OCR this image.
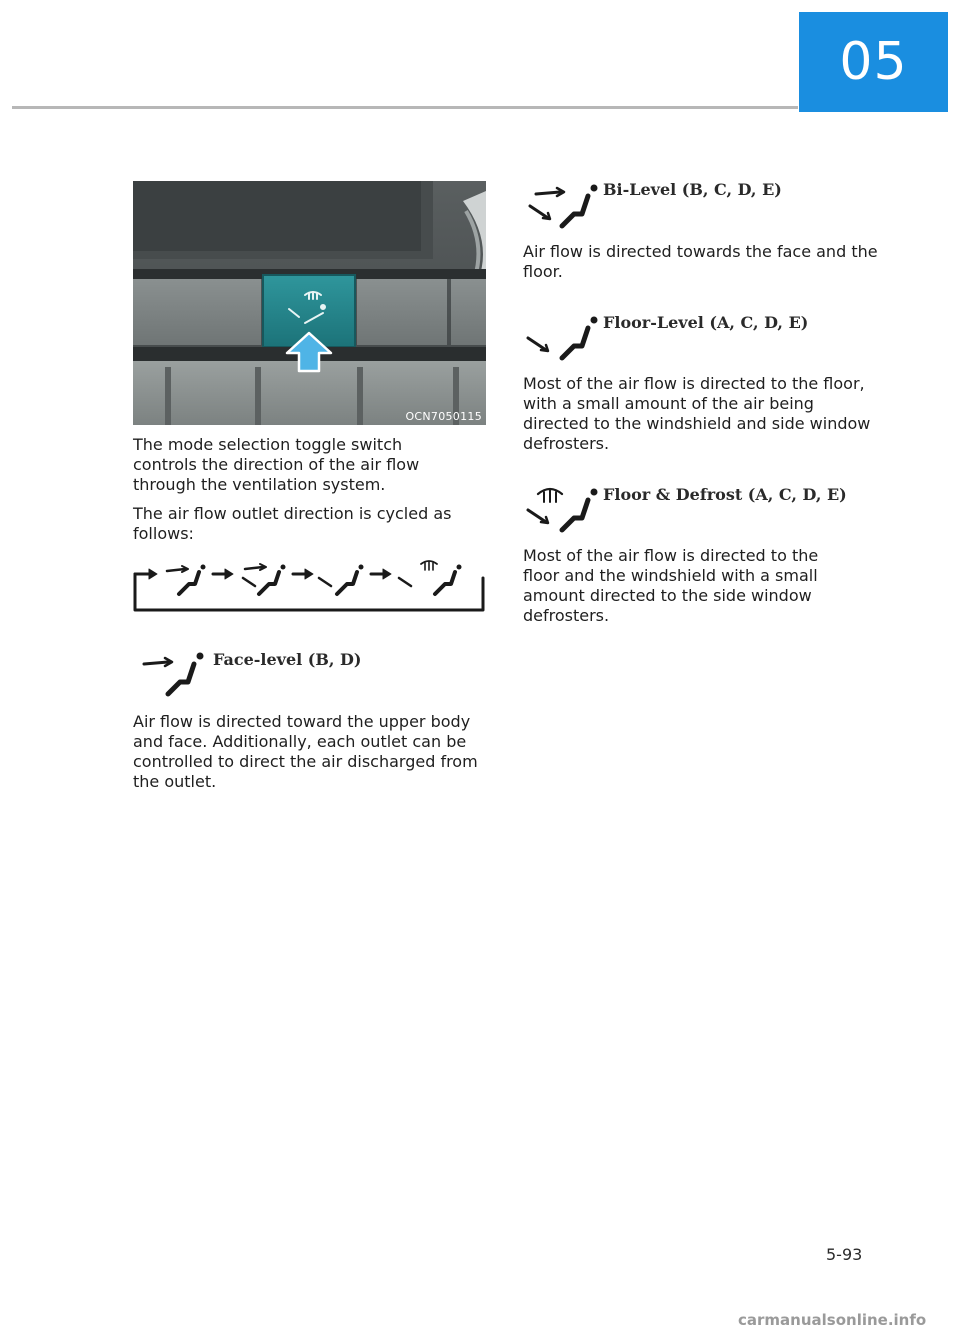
05
OCN7050115

The mode selection toggle switch controls the direction of the air flow through the ventilation system.

The air flow outlet direction is cycled as follows:

Face-level (B, D)

Air flow is directed toward the upper body and face. Additionally, each outlet can be controlled to direct the air discharged from the outlet.

Bi-Level (B, C, D, E)

Air flow is directed towards the face and the floor.

Floor-Level (A, C, D, E)

Most of the air flow is directed to the floor, with a small amount of the air being directed to the windshield and side window defrosters.

Floor & Defrost (A, C, D, E)

Most of the air flow is directed to the floor and the windshield with a small amount directed to the side window defrosters.

5-93
carmanualsonline.info
